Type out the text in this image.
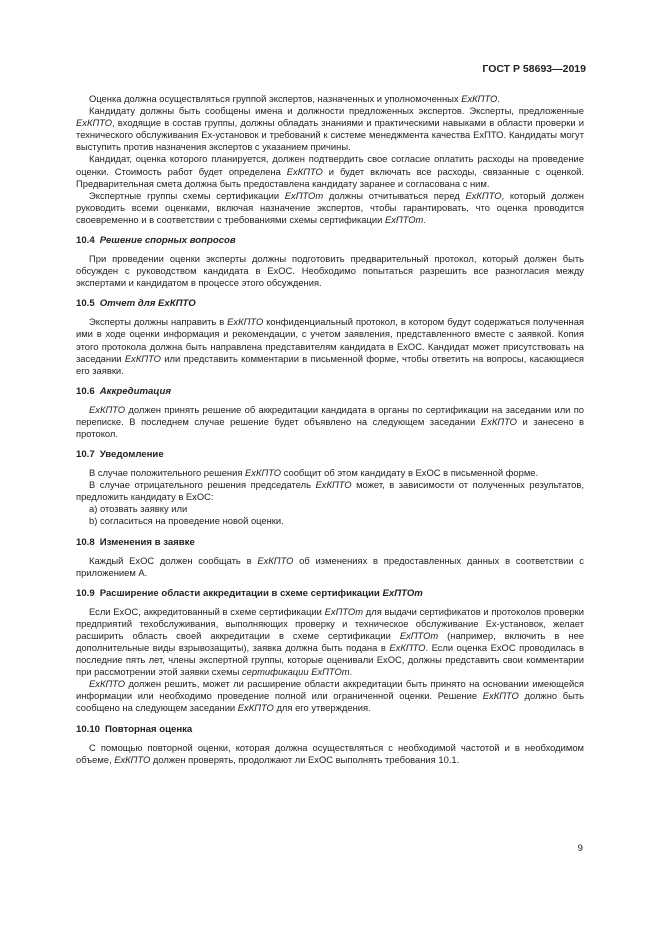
ГОСТ Р 58693—2019

Оценка должна осуществляться группой экспертов, назначенных и уполномоченных ExКПТО.

Кандидату должны быть сообщены имена и должности предложенных экспертов. Эксперты, предложенные ExКПТО, входящие в состав группы, должны обладать знаниями и практическими навыками в области проверки и технического обслуживания Ex-установок и требований к системе менеджмента качества ExПТО. Кандидаты могут выступить против назначения экспертов с указанием причины.

Кандидат, оценка которого планируется, должен подтвердить свое согласие оплатить расходы на проведение оценки. Стоимость работ будет определена ExКПТО и будет включать все расходы, связанные с оценкой. Предварительная смета должна быть предоставлена кандидату заранее и согласована с ним.

Экспертные группы схемы сертификации ExПТОт должны отчитываться перед ExКПТО, который должен руководить всеми оценками, включая назначение экспертов, чтобы гарантировать, что оценка проводится своевременно и в соответствии с требованиями схемы сертификации ExПТОт.

10.4 Решение спорных вопросов

При проведении оценки эксперты должны подготовить предварительный протокол, который должен быть обсужден с руководством кандидата в ExОС. Необходимо попытаться разрешить все разногласия между экспертами и кандидатом в процессе этого обсуждения.

10.5 Отчет для ExКПТО

Эксперты должны направить в ExКПТО конфиденциальный протокол, в котором будут содержаться полученная ими в ходе оценки информация и рекомендации, с учетом заявления, представленного вместе с заявкой. Копия этого протокола должна быть направлена представителям кандидата в ExОС. Кандидат может присутствовать на заседании ExКПТО или представить комментарии в письменной форме, чтобы ответить на вопросы, касающиеся его заявки.

10.6 Аккредитация

ExКПТО должен принять решение об аккредитации кандидата в органы по сертификации на заседании или по переписке. В последнем случае решение будет объявлено на следующем заседании ExКПТО и занесено в протокол.

10.7 Уведомление

В случае положительного решения ExКПТО сообщит об этом кандидату в ExОС в письменной форме.

В случае отрицательного решения председатель ExКПТО может, в зависимости от полученных результатов, предложить кандидату в ExОС:

a) отозвать заявку или

b) согласиться на проведение новой оценки.

10.8 Изменения в заявке

Каждый ExОС должен сообщать в ExКПТО об изменениях в предоставленных данных в соответствии с приложением А.

10.9 Расширение области аккредитации в схеме сертификации ExПТОт

Если ExОС, аккредитованный в схеме сертификации ExПТОт для выдачи сертификатов и протоколов проверки предприятий техобслуживания, выполняющих проверку и техническое обслуживание Ex-установок, желает расширить область своей аккредитации в схеме сертификации ExПТОт (например, включить в нее дополнительные виды взрывозащиты), заявка должна быть подана в ExКПТО. Если оценка ExОС проводилась в последние пять лет, члены экспертной группы, которые оценивали ExОС, должны представить свои комментарии при рассмотрении этой заявки схемы сертификации ExПТОт.

ExКПТО должен решить, может ли расширение области аккредитации быть принято на основании имеющейся информации или необходимо проведение полной или ограниченной оценки. Решение ExКПТО должно быть сообщено на следующем заседании ExКПТО для его утверждения.

10.10 Повторная оценка

С помощью повторной оценки, которая должна осуществляться с необходимой частотой и в необходимом объеме, ExКПТО должен проверять, продолжают ли ExОС выполнять требования 10.1.

9
